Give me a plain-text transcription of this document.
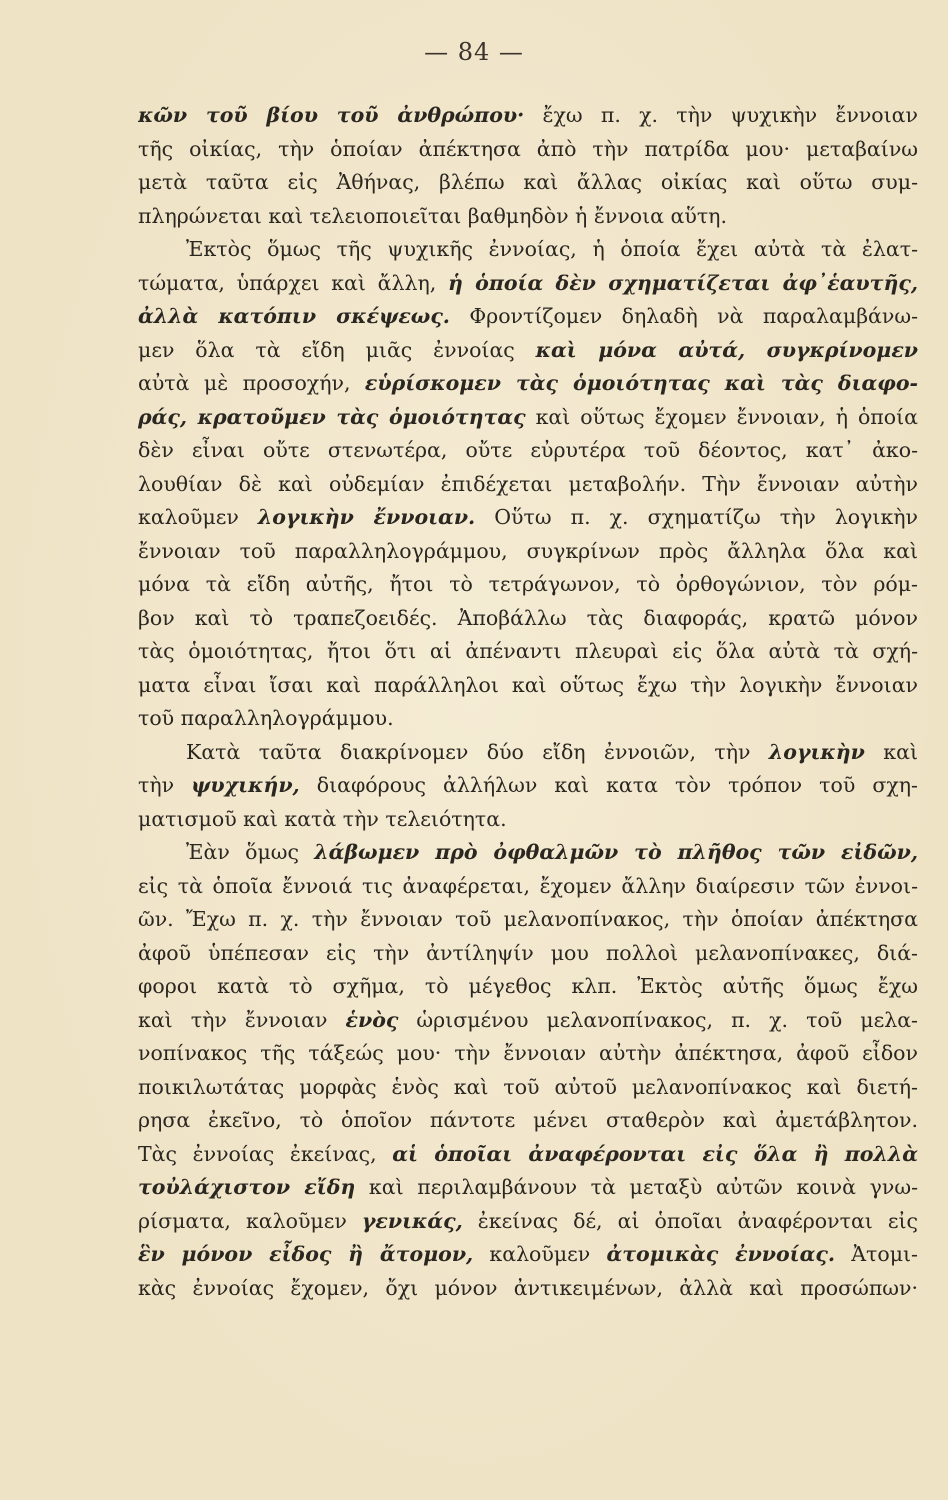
— 84 —
κῶν τοῦ βίου τοῦ ἀνθρώπου· ἔχω π. χ. τὴν ψυχικὴν ἔννοιαν
τῆς οἰκίας, τὴν ὁποίαν ἀπέκτησα ἀπὸ τὴν πατρίδα μου· μεταβαίνω
μετὰ ταῦτα εἰς Ἀθήνας, βλέπω καὶ ἄλλας οἰκίας καὶ οὕτω συμ-
πληρώνεται καὶ τελειοποιεῖται βαθμηδὸν ἡ ἔννοια αὕτη.
Ἐκτὸς ὅμως τῆς ψυχικῆς ἐννοίας, ἡ ὁποία ἔχει αὐτὰ τὰ ἐλατ-
τώματα, ὑπάρχει καὶ ἄλλη, ἡ ὁποία δὲν σχηματίζεται ἀφ᾽ἑαυτῆς,
ἀλλὰ κατόπιν σκέψεως. Φροντίζομεν δηλαδὴ νὰ παραλαμβάνω-
μεν ὅλα τὰ εἴδη μιᾶς ἐννοίας καὶ μόνα αὐτά, συγκρίνομεν
αὐτὰ μὲ προσοχήν, εὑρίσκομεν τὰς ὁμοιότητας καὶ τὰς διαφο-
ράς, κρατοῦμεν τὰς ὁμοιότητας καὶ οὕτως ἔχομεν ἔννοιαν, ἡ ὁποία
δὲν εἶναι οὔτε στενωτέρα, οὔτε εὐρυτέρα τοῦ δέοντος, κατ᾽ ἀκο-
λουθίαν δὲ καὶ οὐδεμίαν ἐπιδέχεται μεταβολήν. Τὴν ἔννοιαν αὐτὴν
καλοῦμεν λογικὴν ἔννοιαν. Οὕτω π. χ. σχηματίζω τὴν λογικὴν
ἔννοιαν τοῦ παραλληλογράμμου, συγκρίνων πρὸς ἄλληλα ὅλα καὶ
μόνα τὰ εἴδη αὐτῆς, ἤτοι τὸ τετράγωνον, τὸ ὀρθογώνιον, τὸν ρόμ-
βον καὶ τὸ τραπεζοειδές. Ἀποβάλλω τὰς διαφοράς, κρατῶ μόνον
τὰς ὁμοιότητας, ἤτοι ὅτι αἱ ἀπέναντι πλευραὶ εἰς ὅλα αὐτὰ τὰ σχή-
ματα εἶναι ἴσαι καὶ παράλληλοι καὶ οὕτως ἔχω τὴν λογικὴν ἔννοιαν
τοῦ παραλληλογράμμου.
Κατὰ ταῦτα διακρίνομεν δύο εἴδη ἐννοιῶν, τὴν λογικὴν καὶ
τὴν ψυχικήν, διαφόρους ἀλλήλων καὶ κατα τὸν τρόπον τοῦ σχη-
ματισμοῦ καὶ κατὰ τὴν τελειότητα.
Ἐὰν ὅμως λάβωμεν πρὸ ὀφθαλμῶν τὸ πλῆθος τῶν εἰδῶν,
εἰς τὰ ὁποῖα ἔννοιά τις ἀναφέρεται, ἔχομεν ἄλλην διαίρεσιν τῶν ἐννοι-
ῶν. Ἔχω π. χ. τὴν ἔννοιαν τοῦ μελανοπίνακος, τὴν ὁποίαν ἀπέκτησα
ἀφοῦ ὑπέπεσαν εἰς τὴν ἀντίληψίν μου πολλοὶ μελανοπίνακες, διά-
φοροι κατὰ τὸ σχῆμα, τὸ μέγεθος κλπ. Ἐκτὸς αὐτῆς ὅμως ἔχω
καὶ τὴν ἔννοιαν ἑνὸς ὡρισμένου μελανοπίνακος, π. χ. τοῦ μελα-
νοπίνακος τῆς τάξεώς μου· τὴν ἔννοιαν αὐτὴν ἀπέκτησα, ἀφοῦ εἶδον
ποικιλωτάτας μορφὰς ἑνὸς καὶ τοῦ αὐτοῦ μελανοπίνακος καὶ διετή-
ρησα ἐκεῖνο, τὸ ὁποῖον πάντοτε μένει σταθερὸν καὶ ἀμετάβλητον.
Τὰς ἐννοίας ἐκείνας, αἱ ὁποῖαι ἀναφέρονται εἰς ὅλα ἢ πολλὰ
τοὐλάχιστον εἴδη καὶ περιλαμβάνουν τὰ μεταξὺ αὐτῶν κοινὰ γνω-
ρίσματα, καλοῦμεν γενικάς, ἐκείνας δέ, αἱ ὁποῖαι ἀναφέρονται εἰς
ἓν μόνον εἶδος ἢ ἄτομον, καλοῦμεν ἀτομικὰς ἐννοίας. Ἀτομι-
κὰς ἐννοίας ἔχομεν, ὄχι μόνον ἀντικειμένων, ἀλλὰ καὶ προσώπων·
